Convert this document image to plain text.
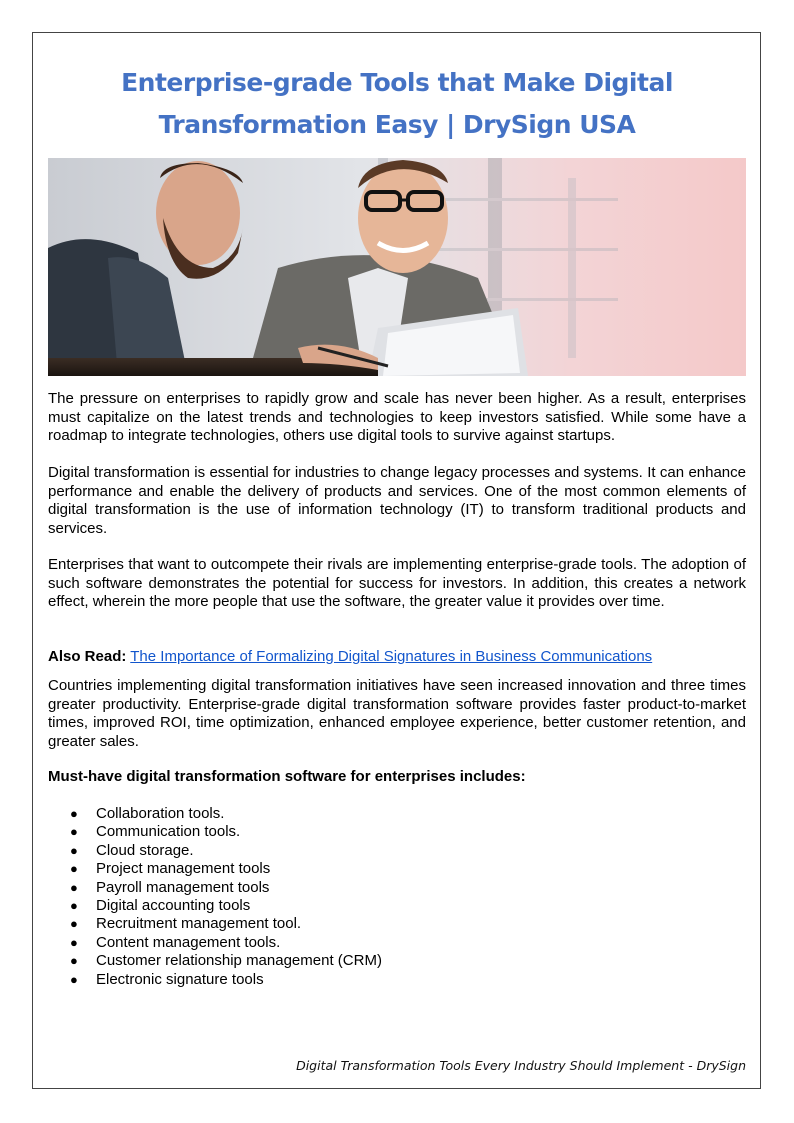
Enterprise-grade Tools that Make Digital Transformation Easy | DrySign USA

The pressure on enterprises to rapidly grow and scale has never been higher. As a result, enterprises must capitalize on the latest trends and technologies to keep investors satisfied. While some have a roadmap to integrate technologies, others use digital tools to survive against startups.

Digital transformation is essential for industries to change legacy processes and systems. It can enhance performance and enable the delivery of products and services. One of the most common elements of digital transformation is the use of information technology (IT) to transform traditional products and services.

Enterprises that want to outcompete their rivals are implementing enterprise-grade tools. The adoption of such software demonstrates the potential for success for investors. In addition, this creates a network effect, wherein the more people that use the software, the greater value it provides over time.

Also Read: The Importance of Formalizing Digital Signatures in Business Communications

Countries implementing digital transformation initiatives have seen increased innovation and three times greater productivity. Enterprise-grade digital transformation software provides faster product-to-market times, improved ROI, time optimization, enhanced employee experience, better customer retention, and greater sales.

Must-have digital transformation software for enterprises includes:
● Collaboration tools.
● Communication tools.
● Cloud storage.
● Project management tools
● Payroll management tools
● Digital accounting tools
● Recruitment management tool.
● Content management tools.
● Customer relationship management (CRM)
● Electronic signature tools
Digital Transformation Tools Every Industry Should Implement - DrySign
